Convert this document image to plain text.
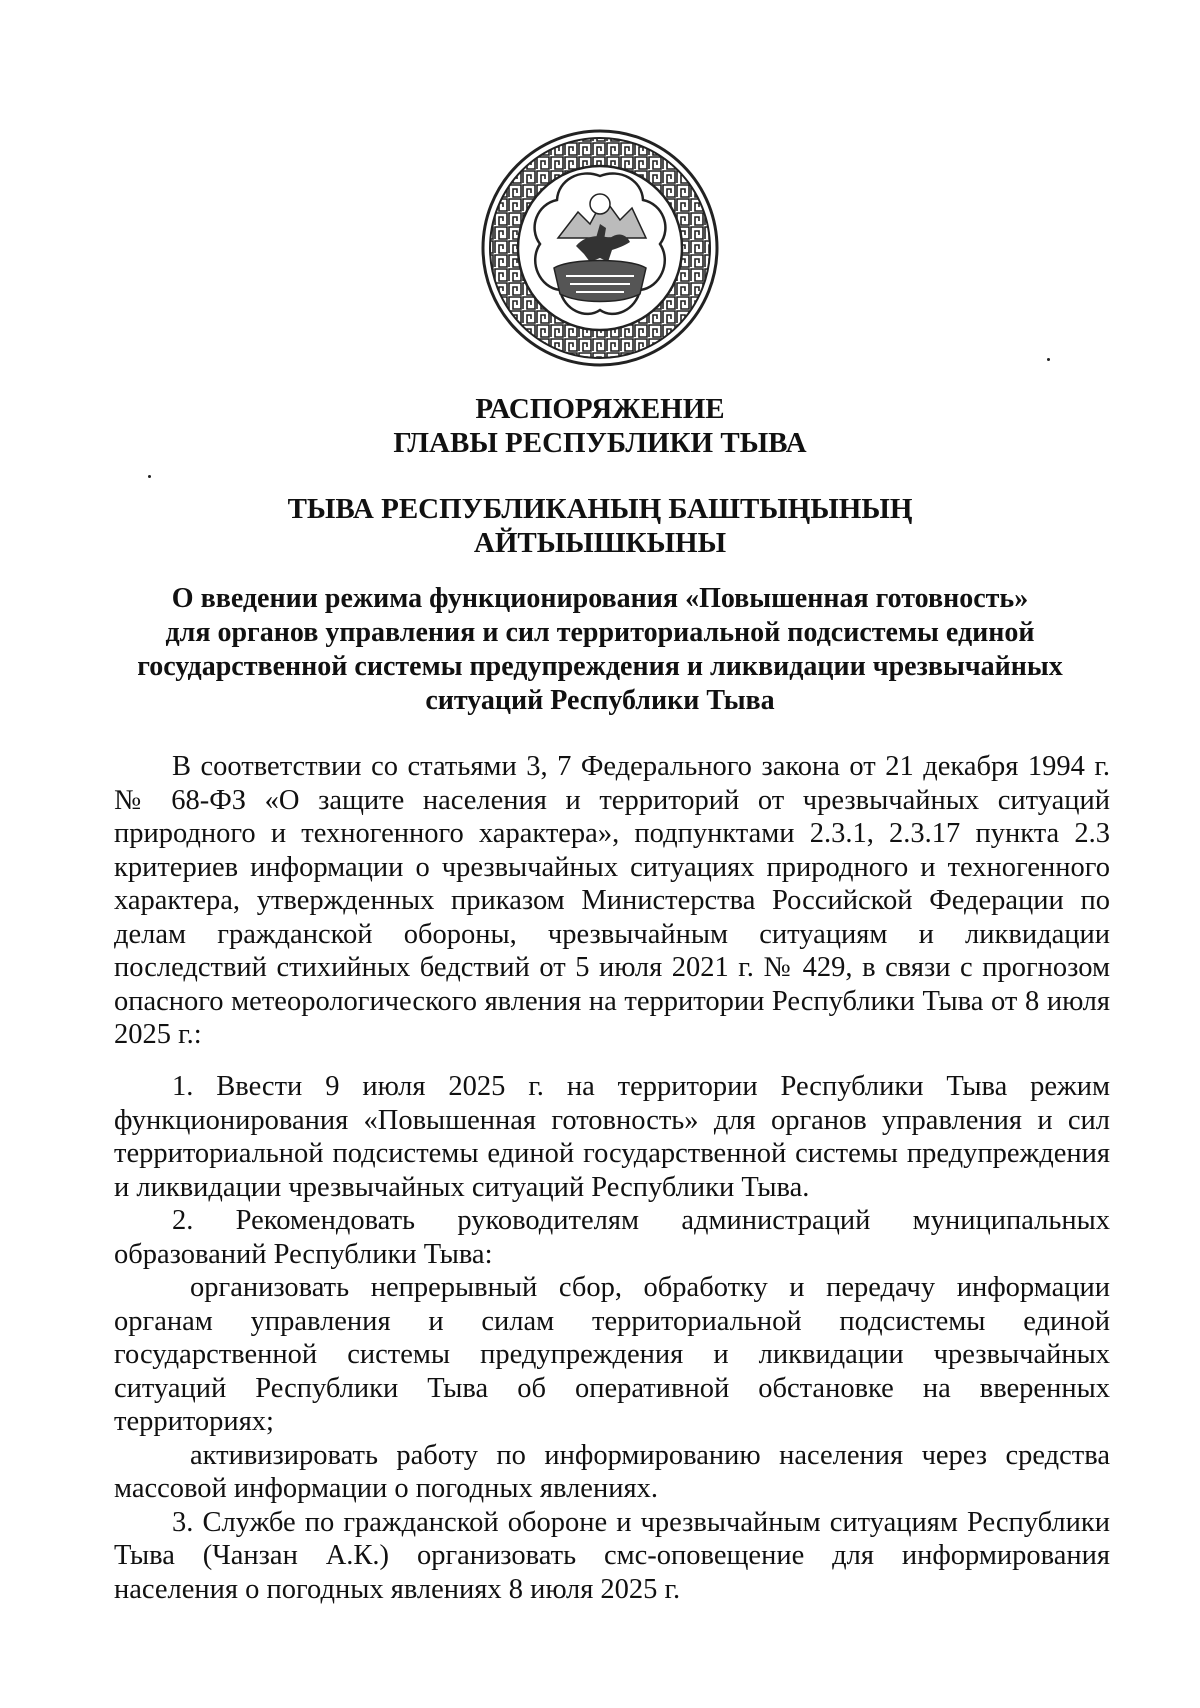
РАСПОРЯЖЕНИЕ
ГЛАВЫ РЕСПУБЛИКИ ТЫВА
ТЫВА РЕСПУБЛИКАНЫҢ БАШТЫҢЫНЫҢ
АЙТЫЫШКЫНЫ
О введении режима функционирования «Повышенная готовность»
для органов управления и сил территориальной подсистемы единой
государственной системы предупреждения и ликвидации чрезвычайных
ситуаций Республики Тыва

В соответствии со статьями 3, 7 Федерального закона от 21 декабря 1994 г. № 68-ФЗ «О защите населения и территорий от чрезвычайных ситуаций природного и техногенного характера», подпунктами 2.3.1, 2.3.17 пункта 2.3 критериев информации о чрезвычайных ситуациях природного и техногенного характера, утвержденных приказом Министерства Российской Федерации по делам гражданской обороны, чрезвычайным ситуациям и ликвидации последствий стихийных бедствий от 5 июля 2021 г. № 429, в связи с прогнозом опасного метеорологического явления на территории Республики Тыва от 8 июля 2025 г.:

1. Ввести 9 июля 2025 г. на территории Республики Тыва режим функционирования «Повышенная готовность» для органов управления и сил территориальной подсистемы единой государственной системы предупреждения и ликвидации чрезвычайных ситуаций Республики Тыва.

2. Рекомендовать руководителям администраций муниципальных образований Республики Тыва:

организовать непрерывный сбор, обработку и передачу информации органам управления и силам территориальной подсистемы единой государственной системы предупреждения и ликвидации чрезвычайных ситуаций Республики Тыва об оперативной обстановке на вверенных территориях;

активизировать работу по информированию населения через средства массовой информации о погодных явлениях.

3. Службе по гражданской обороне и чрезвычайным ситуациям Республики Тыва (Чанзан А.К.) организовать смс-оповещение для информирования населения о погодных явлениях 8 июля 2025 г.
